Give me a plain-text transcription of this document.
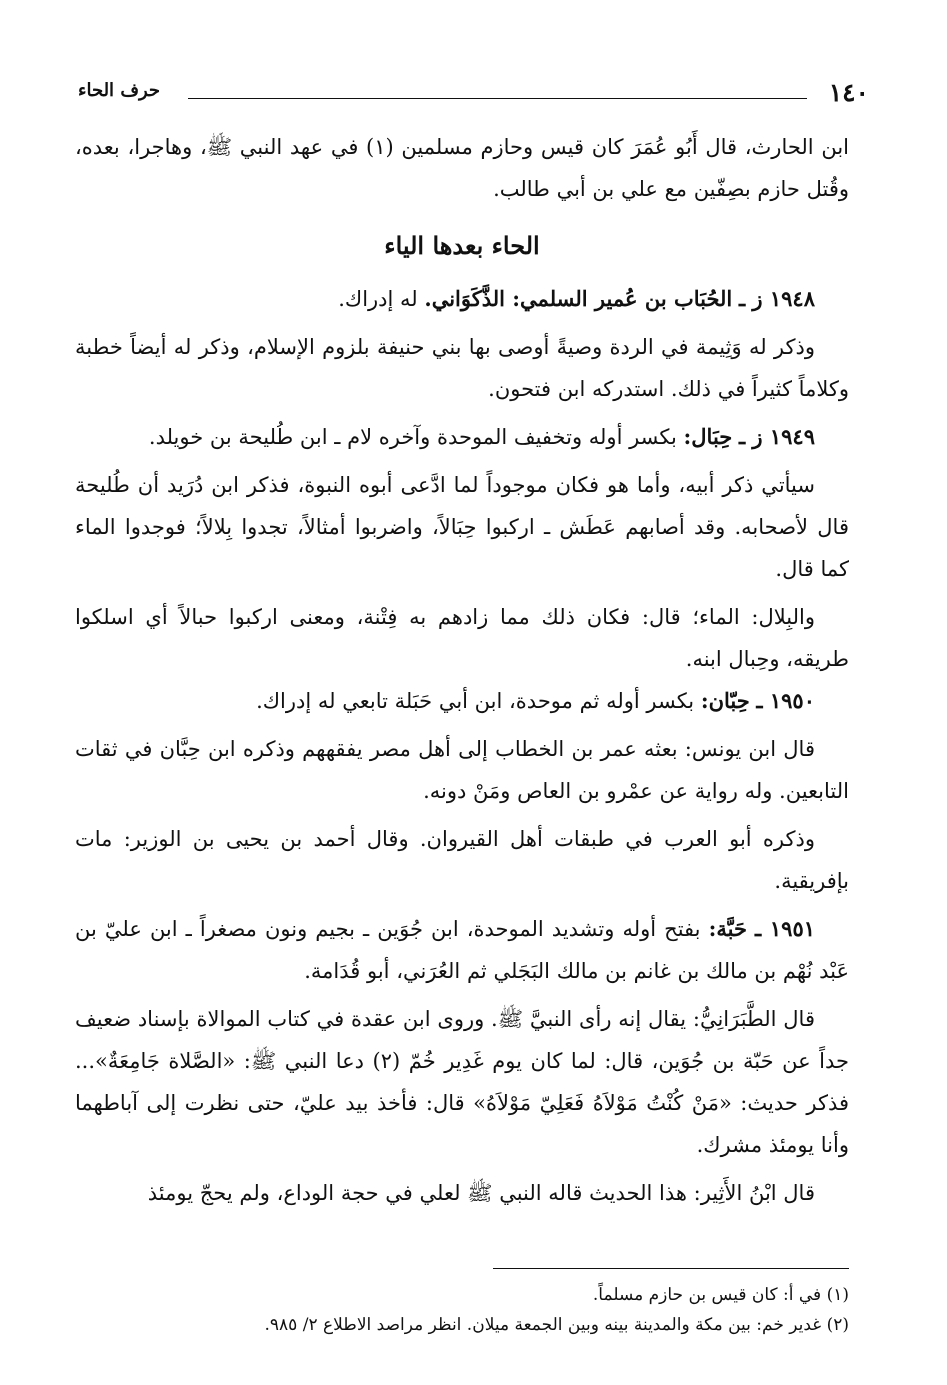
١٤٠
حرف الحاء

ابن الحارث، قال أَبُو عُمَرَ كان قيس وحازم مسلمين (١) في عهد النبي ﷺ، وهاجرا، بعده، وقُتل حازم بصِفّين مع علي بن أبي طالب.

الحاء بعدها الياء

١٩٤٨ ز ـ الحُبَاب بن عُمير السلمي: الذَّكَوَاني. له إدراك.

وذكر له وَثِيمة في الردة وصيةً أوصى بها بني حنيفة بلزوم الإسلام، وذكر له أيضاً خطبة وكلاماً كثيراً في ذلك. استدركه ابن فتحون.

١٩٤٩ ز ـ حِبَال: بكسر أوله وتخفيف الموحدة وآخره لام ـ ابن طُليحة بن خويلد.

سيأتي ذكر أبيه، وأما هو فكان موجوداً لما ادَّعى أبوه النبوة، فذكر ابن دُرَيد أن طُليحة قال لأصحابه. وقد أصابهم عَطَش ـ اركبوا حِبَالاً، واضربوا أمثالاً، تجدوا بِلالاً؛ فوجدوا الماء كما قال.

والبِلال: الماء؛ قال: فكان ذلك مما زادهم به فِتْنة، ومعنى اركبوا حبالاً أي اسلكوا طريقه، وحِبال ابنه.

١٩٥٠ ـ حِبّان: بكسر أوله ثم موحدة، ابن أبي حَبَلة تابعي له إدراك.

قال ابن يونس: بعثه عمر بن الخطاب إلى أهل مصر يفقههم وذكره ابن حِبَّان في ثقات التابعين. وله رواية عن عمْرو بن العاص ومَنْ دونه.

وذكره أبو العرب في طبقات أهل القيروان. وقال أحمد بن يحيى بن الوزير: مات بإفريقية.

١٩٥١ ـ حَبَّة: بفتح أوله وتشديد الموحدة، ابن جُوَين ـ بجيم ونون مصغراً ـ ابن عليّ بن عَبْد نُهْم بن مالك بن غانم بن مالك البَجَلي ثم العُرَني، أبو قُدَامة.

قال الطَّبَرَانِيُّ: يقال إنه رأى النبيَّ ﷺ. وروى ابن عقدة في كتاب الموالاة بإسناد ضعيف جداً عن حَبّة بن جُوَين، قال: لما كان يوم غَدِير خُمّ (٢) دعا النبي ﷺ: «الصَّلاة جَامِعَةٌ»... فذكر حديث: «مَنْ كُنْتُ مَوْلاَهُ فَعَلِيّ مَوْلاَهُ» قال: فأخذ بيد عليّ، حتى نظرت إلى آباطهما وأنا يومئذ مشرك.

قال ابْنُ الأَثِير: هذا الحديث قاله النبي ﷺ لعلي في حجة الوداع، ولم يحجّ يومئذ

(١) في أ: كان قيس بن حازم مسلماً.

(٢) غدير خم: بين مكة والمدينة بينه وبين الجمعة ميلان. انظر مراصد الاطلاع ٢/ ٩٨٥.
